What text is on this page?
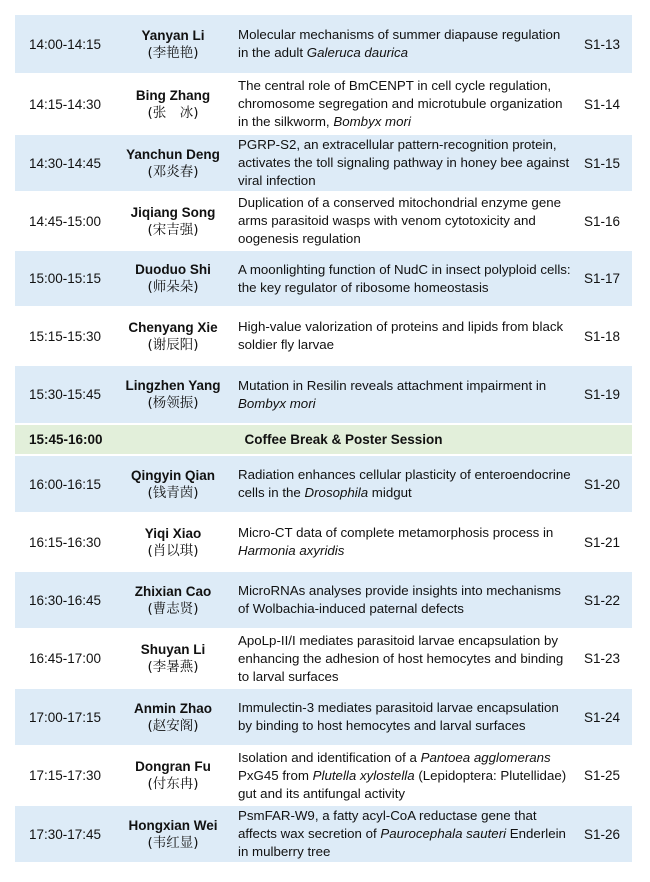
14:00-14:15
Yanyan Li
(李艳艳)
Molecular mechanisms of summer diapause regulation in the adult Galeruca daurica
S1-13
14:15-14:30
Bing Zhang
(张　冰)
The central role of BmCENPT in cell cycle regulation, chromosome segregation and microtubule organization in the silkworm, Bombyx mori
S1-14
14:30-14:45
Yanchun Deng
(邓炎春)
PGRP-S2, an extracellular pattern-recognition protein, activates the toll signaling pathway in honey bee against viral infection
S1-15
14:45-15:00
Jiqiang Song
(宋吉强)
Duplication of a conserved mitochondrial enzyme gene arms parasitoid wasps with venom cytotoxicity and oogenesis regulation
S1-16
15:00-15:15
Duoduo Shi
(师朵朵)
A moonlighting function of NudC in insect polyploid cells: the key regulator of ribosome homeostasis
S1-17
15:15-15:30
Chenyang Xie
(谢辰阳)
High-value valorization of proteins and lipids from black soldier fly larvae
S1-18
15:30-15:45
Lingzhen Yang
(杨领振)
Mutation in Resilin reveals attachment impairment in Bombyx mori
S1-19
15:45-16:00	Coffee Break & Poster Session
16:00-16:15
Qingyin Qian
(钱青茵)
Radiation enhances cellular plasticity of enteroendocrine cells in the Drosophila midgut
S1-20
16:15-16:30
Yiqi Xiao
(肖以琪)
Micro-CT data of complete metamorphosis process in Harmonia axyridis
S1-21
16:30-16:45
Zhixian Cao
(曹志贤)
MicroRNAs analyses provide insights into mechanisms of Wolbachia-induced paternal defects
S1-22
16:45-17:00
Shuyan Li
(李暑燕)
ApoLp-II/I mediates parasitoid larvae encapsulation by enhancing the adhesion of host hemocytes and binding to larval surfaces
S1-23
17:00-17:15
Anmin Zhao
(赵安阁)
Immulectin-3 mediates parasitoid larvae encapsulation by binding to host hemocytes and larval surfaces
S1-24
17:15-17:30
Dongran Fu
(付东冉)
Isolation and identification of a Pantoea agglomerans PxG45 from Plutella xylostella (Lepidoptera: Plutellidae) gut and its antifungal activity
S1-25
17:30-17:45
Hongxian Wei
(韦红显)
PsmFAR-W9, a fatty acyl-CoA reductase gene that affects wax secretion of Paurocephala sauteri Enderlein in mulberry tree
S1-26
